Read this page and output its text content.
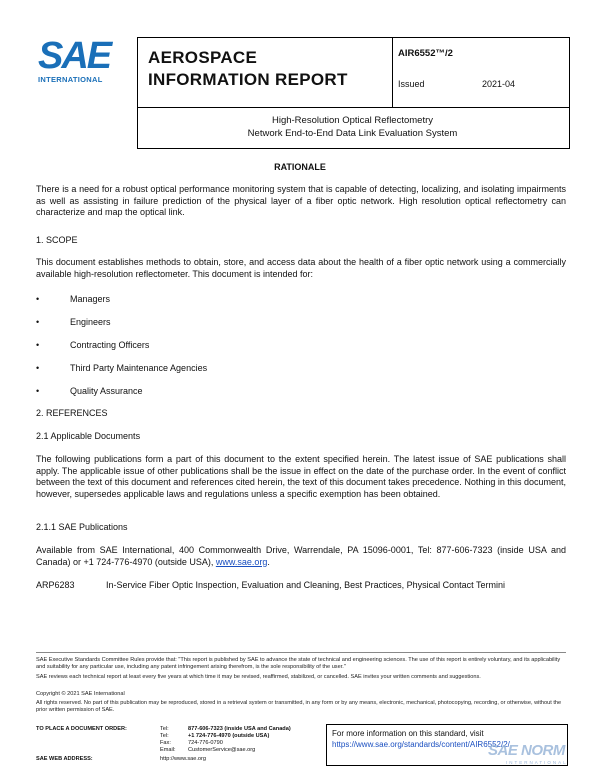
SAE
INTERNATIONAL
AEROSPACE
INFORMATION REPORT
AIR6552™/2
Issued	2021-04
High-Resolution Optical Reflectometry
Network End-to-End Data Link Evaluation System
RATIONALE
There is a need for a robust optical performance monitoring system that is capable of detecting, localizing, and isolating impairments as well as assisting in failure prediction of the physical layer of a fiber optic network. High resolution optical reflectometry can characterize and map the optical link.
1. SCOPE
This document establishes methods to obtain, store, and access data about the health of a fiber optic network using a commercially available high-resolution reflectometer. This document is intended for:
•	Managers
•	Engineers
•	Contracting Officers
•	Third Party Maintenance Agencies
•	Quality Assurance
2. REFERENCES
2.1 Applicable Documents
The following publications form a part of this document to the extent specified herein. The latest issue of SAE publications shall apply. The applicable issue of other publications shall be the issue in effect on the date of the purchase order. In the event of conflict between the text of this document and references cited herein, the text of this document takes precedence. Nothing in this document, however, supersedes applicable laws and regulations unless a specific exemption has been obtained.
2.1.1 SAE Publications
Available from SAE International, 400 Commonwealth Drive, Warrendale, PA 15096-0001, Tel: 877-606-7323 (inside USA and Canada) or +1 724-776-4970 (outside USA), www.sae.org.
ARP6283	In-Service Fiber Optic Inspection, Evaluation and Cleaning, Best Practices, Physical Contact Termini
SAE Executive Standards Committee Rules provide that: "This report is published by SAE to advance the state of technical and engineering sciences. The use of this report is entirely voluntary, and its applicability and suitability for any particular use, including any patent infringement arising therefrom, is the sole responsibility of the user."
SAE reviews each technical report at least every five years at which time it may be revised, reaffirmed, stabilized, or cancelled. SAE invites your written comments and suggestions.
Copyright © 2021 SAE International
All rights reserved. No part of this publication may be reproduced, stored in a retrieval system or transmitted, in any form or by any means, electronic, mechanical, photocopying, recording, or otherwise, without the prior written permission of SAE.
TO PLACE A DOCUMENT ORDER:	Tel:	877-606-7323 (inside USA and Canada)
Tel:	+1 724-776-4970 (outside USA)
Fax:	724-776-0790
Email: CustomerService@sae.org
SAE WEB ADDRESS:	http://www.sae.org
For more information on this standard, visit
https://www.sae.org/standards/content/AIR6552/2/
SAE NORM
INTERNATIONAL
